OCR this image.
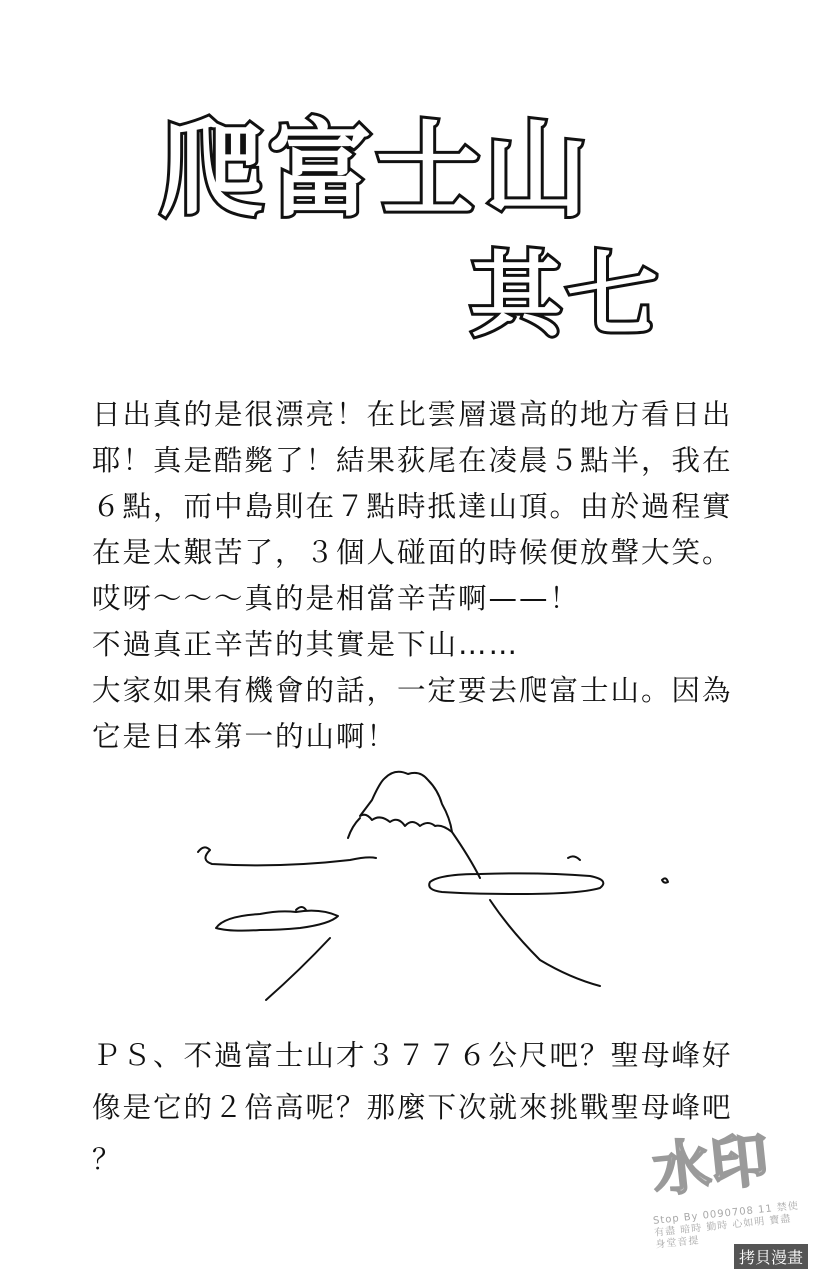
爬富士山
其七

日出真的是很漂亮！在比雲層還高的地方看日出

耶！真是酷斃了！結果荻尾在凌晨５點半，我在

６點，而中島則在７點時抵達山頂。由於過程實

在是太艱苦了，３個人碰面的時候便放聲大笑。

哎呀～～～真的是相當辛苦啊——！

不過真正辛苦的其實是下山……

大家如果有機會的話，一定要去爬富士山。因為

它是日本第一的山啊！

ＰＳ、不過富士山才３７７６公尺吧？聖母峰好

像是它的２倍高呢？那麼下次就來挑戰聖母峰吧

？	水印
Stop By 0090708 11 禁使有盡 暗時 勤時 心如明 寶盡 身堂音提
拷貝漫畫
